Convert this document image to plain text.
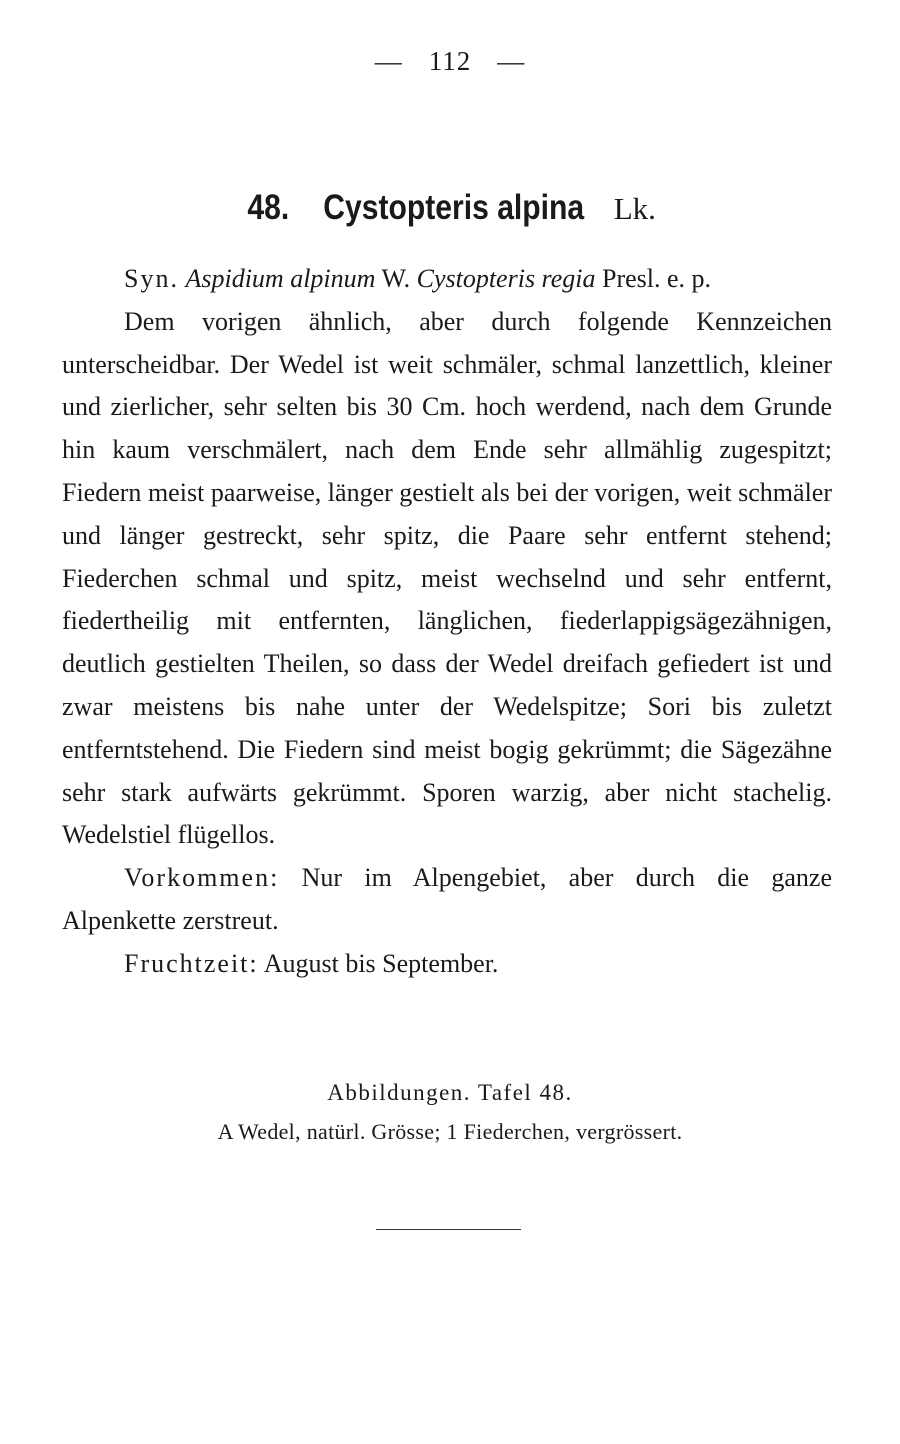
— 112 —
48. Cystopteris alpina Lk.

Syn. Aspidium alpinum W. Cystopteris regia Presl. e. p.

Dem vorigen ähnlich, aber durch folgende Kennzeichen unterscheidbar. Der Wedel ist weit schmäler, schmal lanzettlich, kleiner und zierlicher, sehr selten bis 30 Cm. hoch werdend, nach dem Grunde hin kaum verschmälert, nach dem Ende sehr allmählig zugespitzt; Fiedern meist paarweise, länger gestielt als bei der vorigen, weit schmäler und länger gestreckt, sehr spitz, die Paare sehr entfernt stehend; Fiederchen schmal und spitz, meist wechselnd und sehr entfernt, fiedertheilig mit entfernten, länglichen, fiederlappigsägezähnigen, deutlich gestielten Theilen, so dass der Wedel dreifach gefiedert ist und zwar meistens bis nahe unter der Wedelspitze; Sori bis zuletzt entferntstehend. Die Fiedern sind meist bogig gekrümmt; die Sägezähne sehr stark aufwärts gekrümmt. Sporen warzig, aber nicht stachelig. Wedelstiel flügellos.

Vorkommen: Nur im Alpengebiet, aber durch die ganze Alpenkette zerstreut.

Fruchtzeit: August bis September.

Abbildungen. Tafel 48.
A Wedel, natürl. Grösse; 1 Fiederchen, vergrössert.
